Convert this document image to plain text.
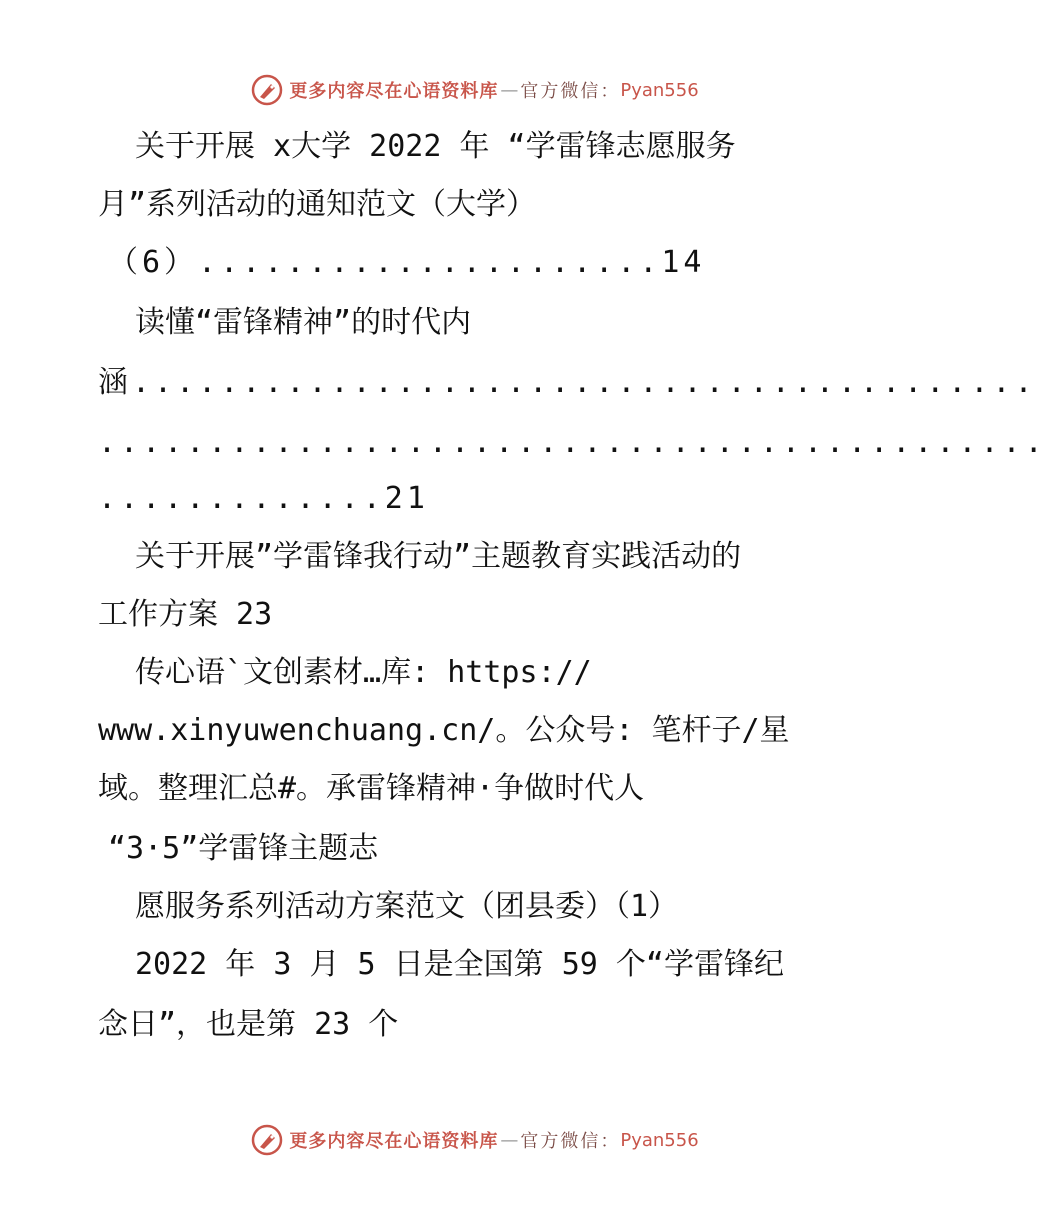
更多内容尽在心语资料库 — 官方微信： Pyan556
关于开展 x大学 2022 年 “学雷锋志愿服务
月”系列活动的通知范文（大学）
（6）.....................14
读懂“雷锋精神”的时代内
涵.........................................
...........................................
.............21
关于开展”学雷锋我行动”主题教育实践活动的
工作方案 23
传心语`文创素材…库: https://
www.xinyuwenchuang.cn/。公众号: 笔杆子/星
域。整理汇总#。承雷锋精神·争做时代人
“3·5”学雷锋主题志
愿服务系列活动方案范文（团县委）（1）
2022 年 3 月 5 日是全国第 59 个“学雷锋纪
念日”，也是第 23 个
更多内容尽在心语资料库 — 官方微信： Pyan556
